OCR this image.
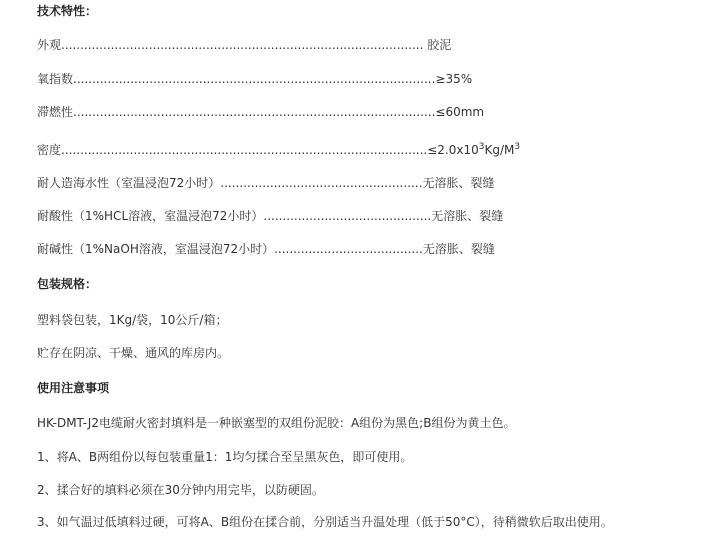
技术特性：
外观............................................................................................... 胶泥
氧指数...............................................................................................≥35%
滞燃性...............................................................................................≤60mm
密度$................................................................................................\le 2.0x10^3Kg/M^3$
耐人造海水性（室温浸泡72小时）.....................................................无溶胀、裂缝
耐酸性（1%HCL溶液，室温浸泡72小时）............................................无溶胀、裂缝
耐碱性（1%NaOH溶液，室温浸泡72小时）.......................................无溶胀、裂缝
包装规格：
塑料袋包装，1Kg/袋，10公斤/箱；
贮存在阴凉、干燥、通风的库房内。
使用注意事项
HK-DMT-J2电缆耐火密封填料是一种嵌塞型的双组份泥胶：A组份为黑色;B组份为黄土色。
1、将A、B两组份以每包装重量1：1均匀揉合至呈黑灰色，即可使用。
2、揉合好的填料必须在30分钟内用完毕，以防硬固。
3、如气温过低填料过硬，可将A、B组份在揉合前，分别适当升温处理（低于50°C），待稍微软后取出使用。
